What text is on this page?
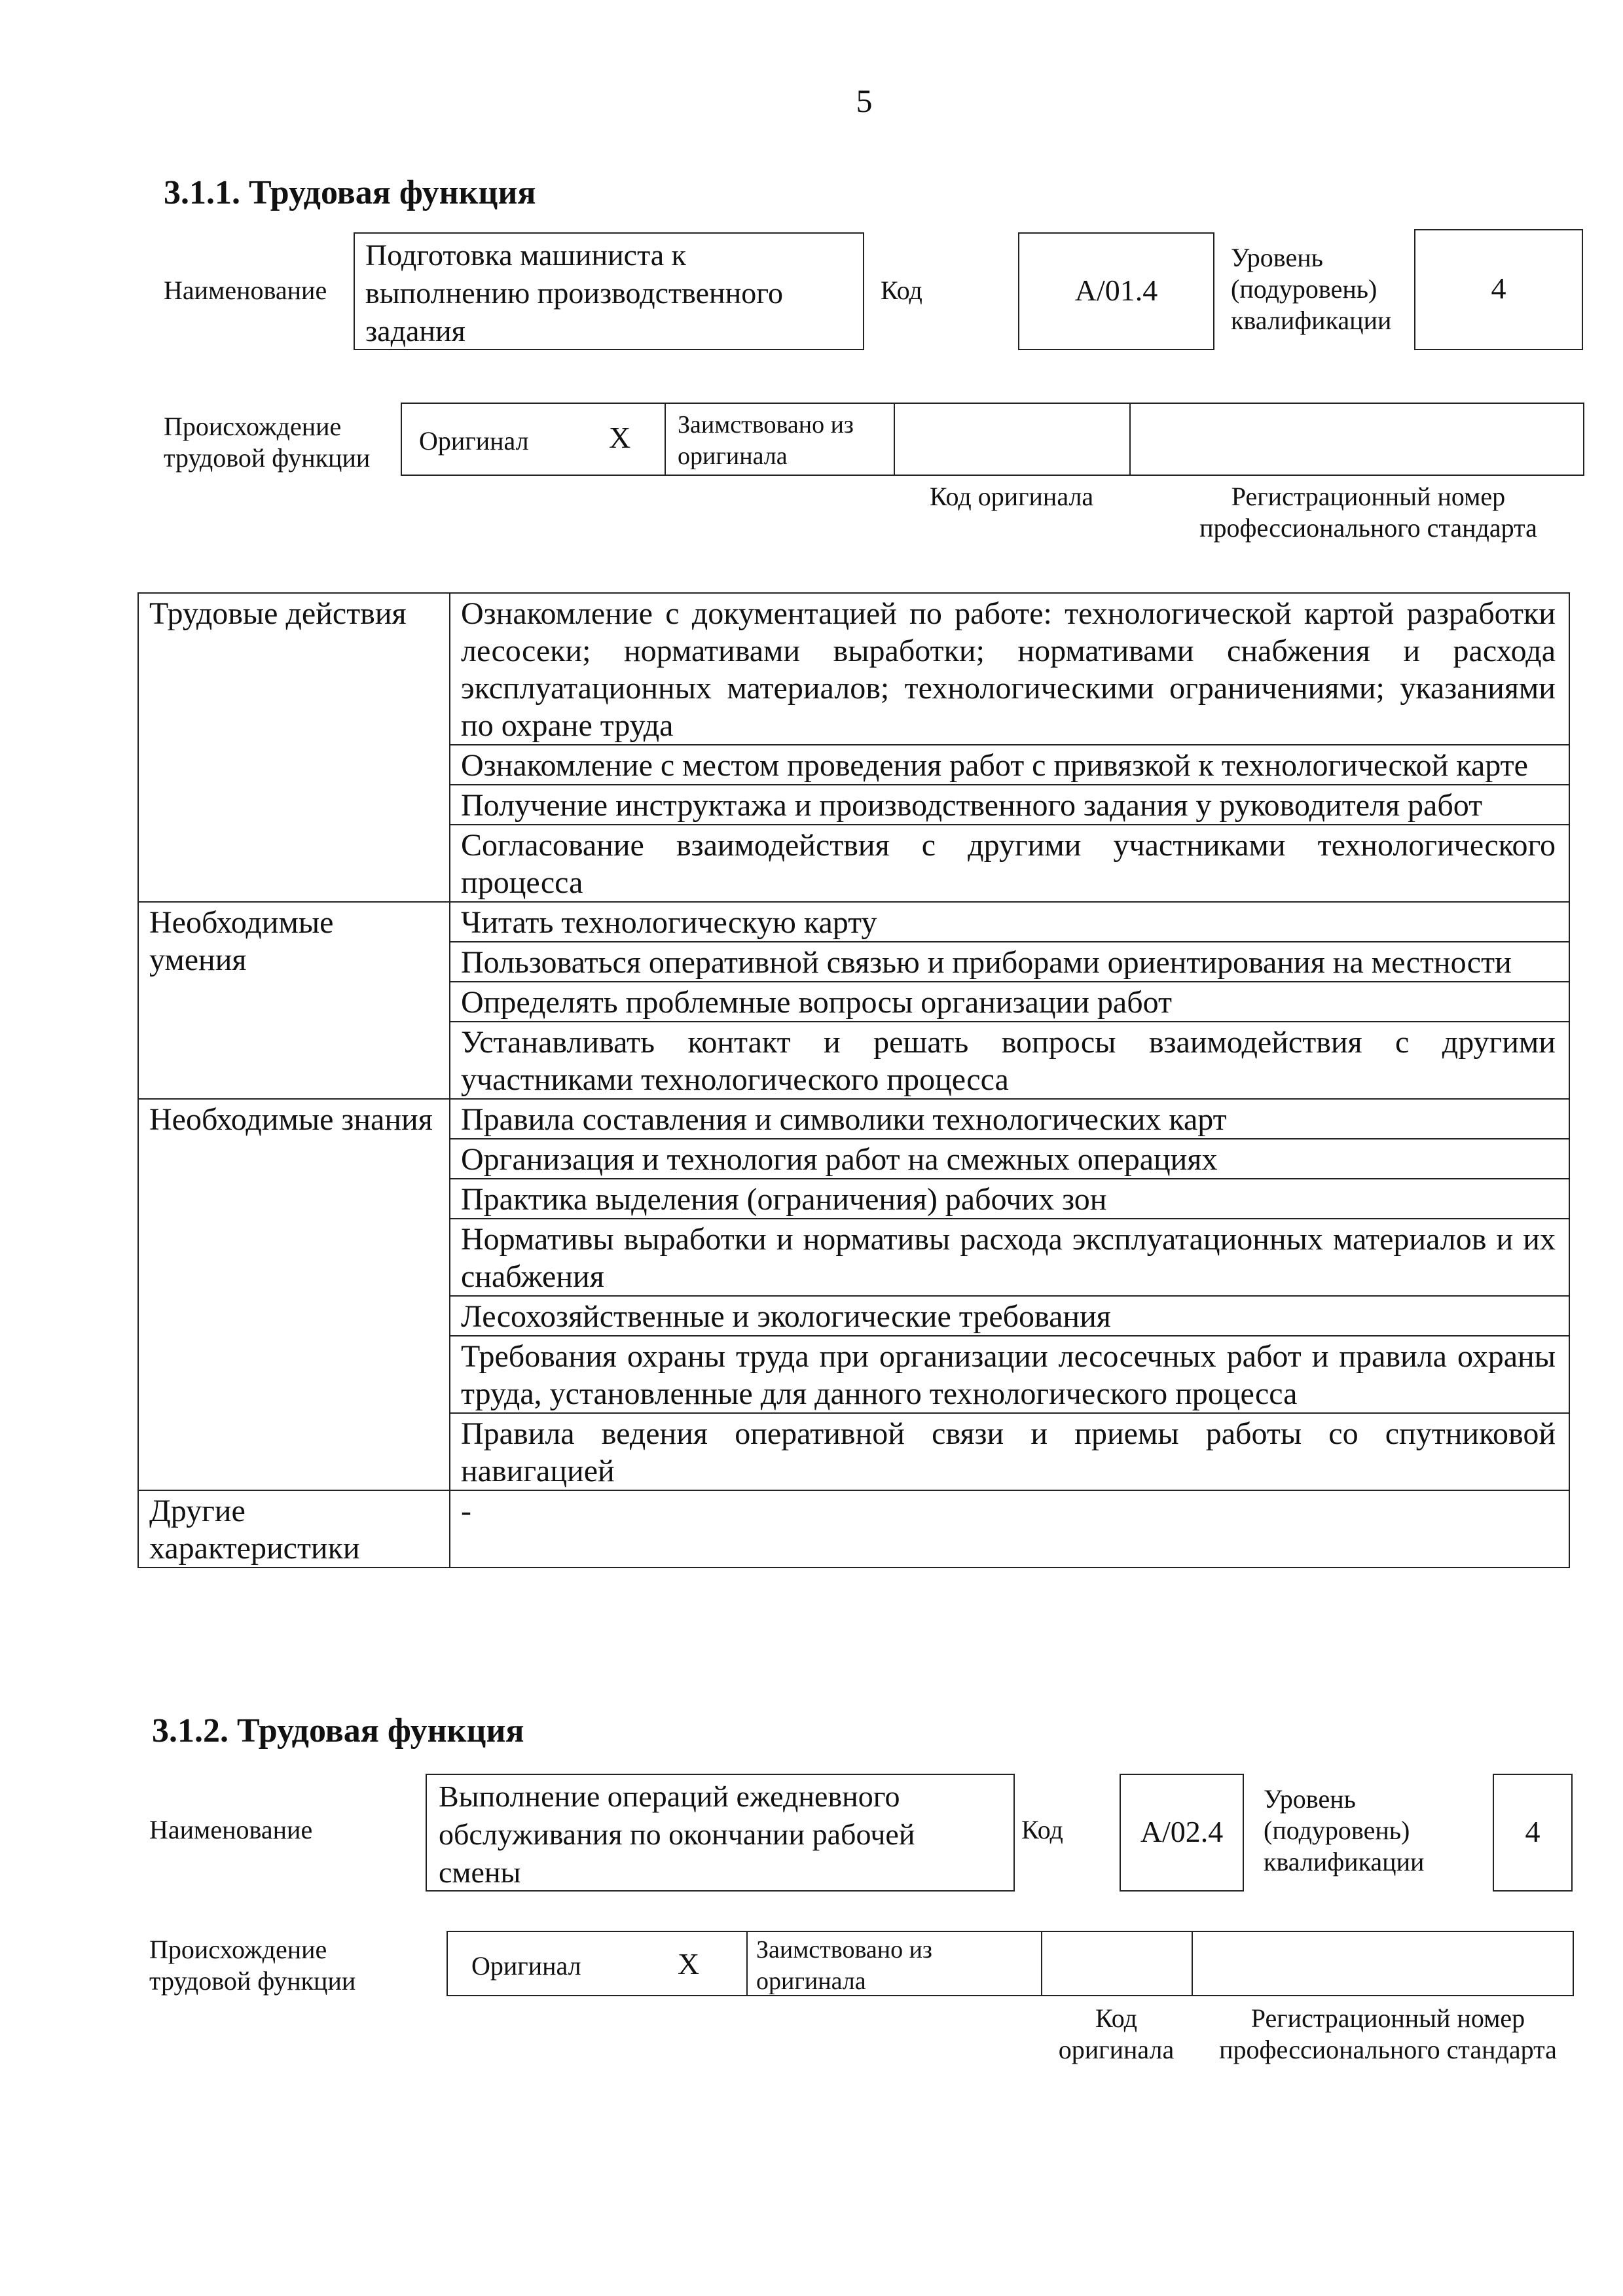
5
3.1.1. Трудовая функция
Наименование
Подготовка машиниста к выполнению производственного задания
Код	А/01.4
Уровень (подуровень) квалификации
4
Происхождение трудовой функции
Оригинал	X Заимствовано из оригинала
Код оригинала	Регистрационный номер профессионального стандарта
Трудовые действия	Ознакомление с документацией по работе: технологической картой разработки лесосеки; нормативами выработки; нормативами снабжения и расхода эксплуатационных материалов; технологическими ограничениями; указаниями по охране труда
	Ознакомление с местом проведения работ с привязкой к технологической карте
	Получение инструктажа и производственного задания у руководителя работ
	Согласование взаимодействия с другими участниками технологического процесса
Необходимые умения	Читать технологическую карту
	Пользоваться оперативной связью и приборами ориентирования на местности
	Определять проблемные вопросы организации работ
	Устанавливать контакт и решать вопросы взаимодействия с другими участниками технологического процесса
Необходимые знания	Правила составления и символики технологических карт
	Организация и технология работ на смежных операциях
	Практика выделения (ограничения) рабочих зон
	Нормативы выработки и нормативы расхода эксплуатационных материалов и их снабжения
	Лесохозяйственные и экологические требования
	Требования охраны труда при организации лесосечных работ и правила охраны труда, установленные для данного технологического процесса
	Правила ведения оперативной связи и приемы работы со спутниковой навигацией
Другие характеристики	-
3.1.2. Трудовая функция
Наименование
Выполнение операций ежедневного обслуживания по окончании рабочей смены
Код	А/02.4
Уровень (подуровень) квалификации
4
Происхождение трудовой функции
Оригинал	X Заимствовано из оригинала
Код оригинала
Регистрационный номер профессионального стандарта
